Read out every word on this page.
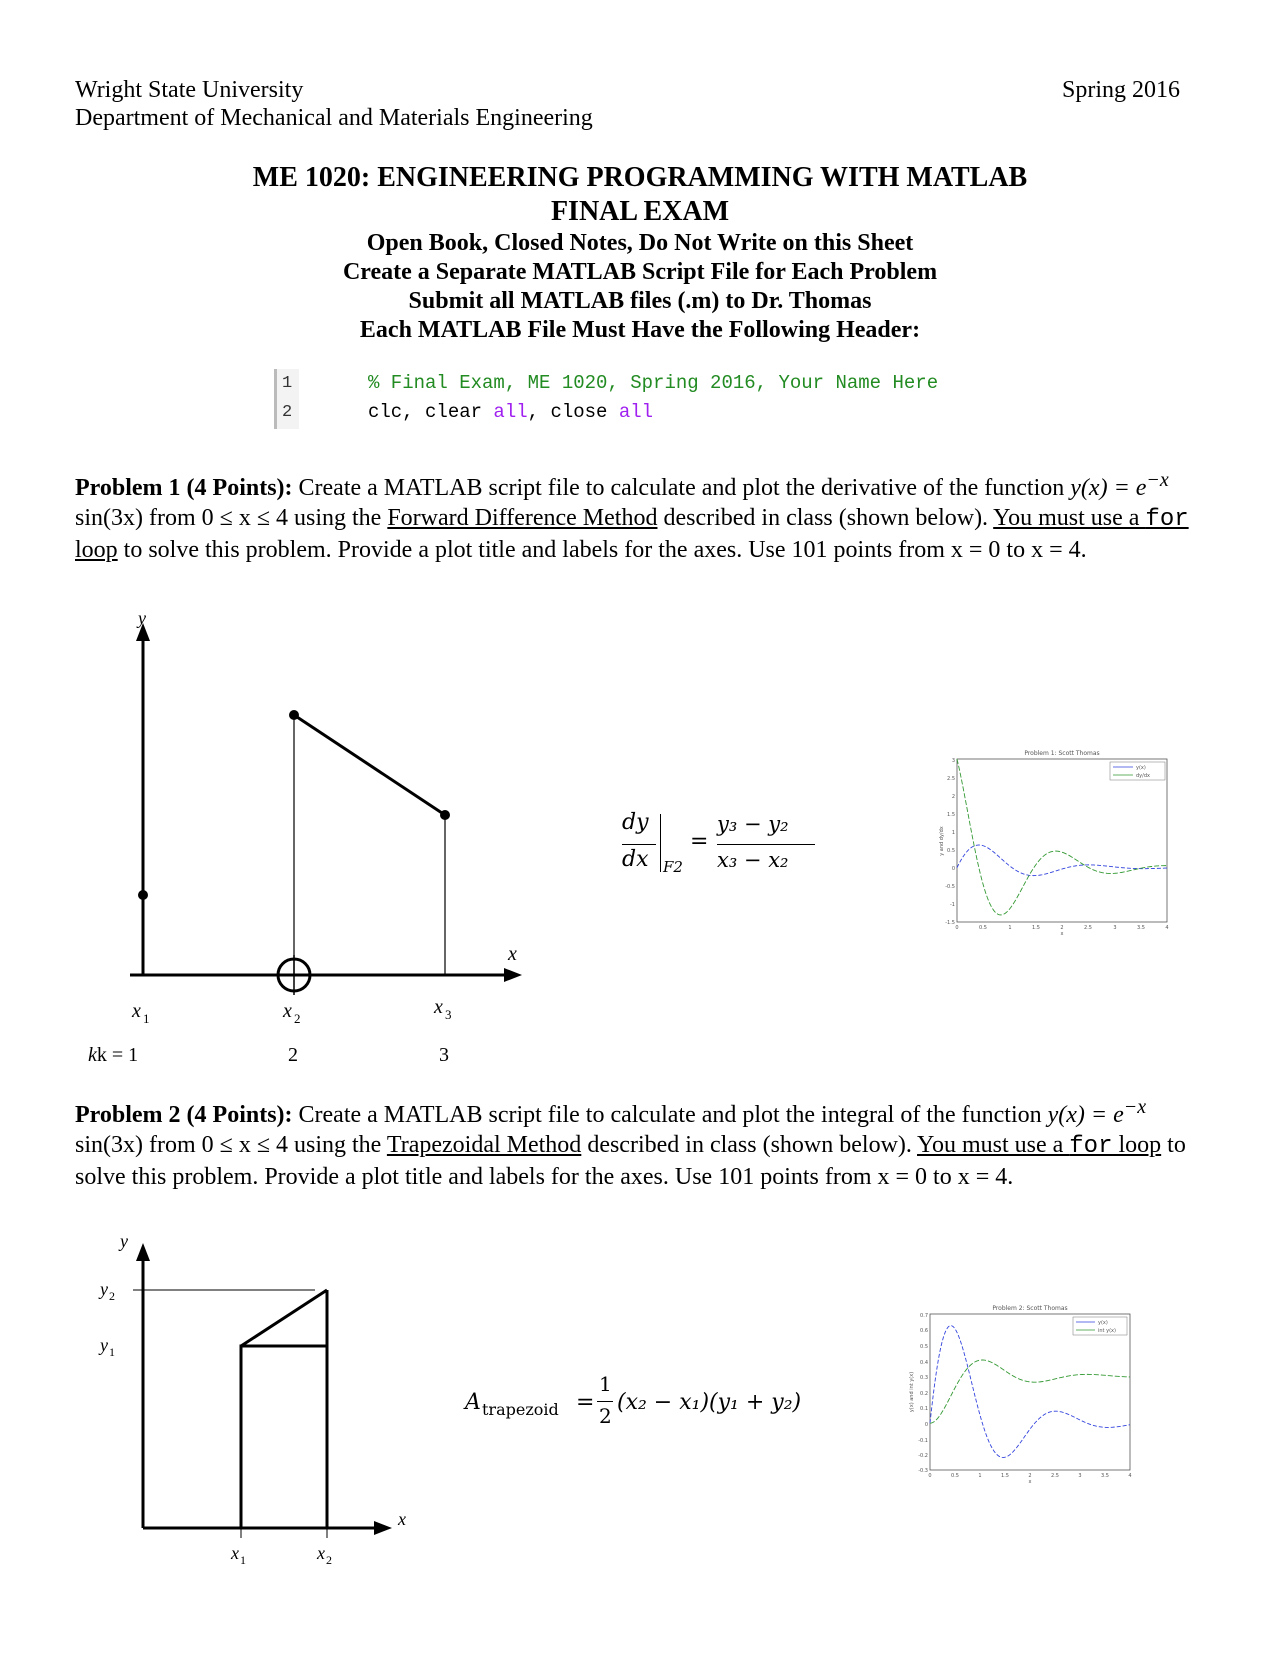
Wright State University
Department of Mechanical and Materials Engineering
Spring 2016
ME 1020: ENGINEERING PROGRAMMING WITH MATLAB
FINAL EXAM
Open Book, Closed Notes, Do Not Write on this Sheet
Create a Separate MATLAB Script File for Each Problem
Submit all MATLAB files (.m) to Dr. Thomas
Each MATLAB File Must Have the Following Header:
1
2
% Final Exam, ME 1020, Spring 2016, Your Name Here
clc, clear all, close all
Problem 1 (4 Points): Create a MATLAB script file to calculate and plot the derivative of the function $y(x) = e^{-x}$ sin(3x) from 0 ≤ x ≤ 4 using the Forward Difference Method described in class (shown below). You must use a for loop to solve this problem. Provide a plot title and labels for the axes. Use 101 points from x = 0 to x = 4.
y
x
x 1	x 2
x 3
kk = 1	2	3
dy
dx F2
=
y₃ − y₂
x₃ − x₂
Problem 1: Scott Thomas
y(x)
dy/dx
3
2.5
2
1.5
1
0.5
0
-0.5
-1
-1.5
0	0.5	1	1.5	2	2.5	3	3.5	4
y and dy/dx
x
Problem 2 (4 Points): Create a MATLAB script file to calculate and plot the integral of the function $y(x) = e^{-x}$ sin(3x) from 0 ≤ x ≤ 4 using the Trapezoidal Method described in class (shown below). You must use a for loop to solve this problem. Provide a plot title and labels for the axes. Use 101 points from x = 0 to x = 4.
y
x
y 2
y 1
x 1	x 2
A trapezoid =
1
2
(x₂ − x₁)(y₁ + y₂)
Problem 2: Scott Thomas
y(x)
int y(x)
0.7
0.6
0.5
0.4
0.3
0.2
0.1
0
-0.1
-0.2
-0.3
0	0.5	1	1.5	2	2.5	3	3.5	4
y(x) and int y(x)
x
